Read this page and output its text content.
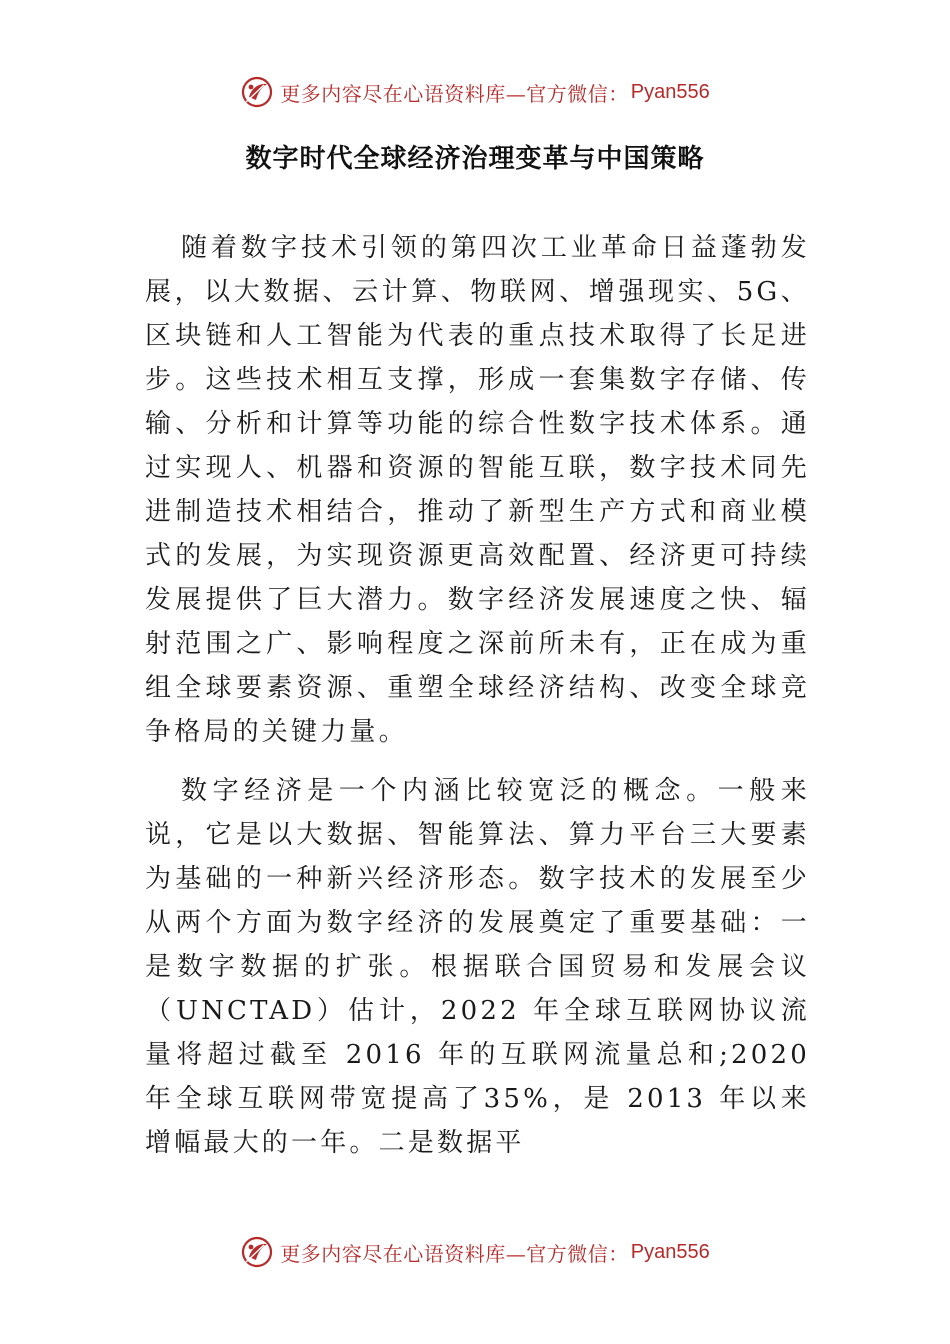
更多内容尽在心语资料库—官方微信： Pyan556
数字时代全球经济治理变革与中国策略

随着数字技术引领的第四次工业革命日益蓬勃发展，以大数据、云计算、物联网、增强现实、5G、区块链和人工智能为代表的重点技术取得了长足进步。这些技术相互支撑，形成一套集数字存储、传输、分析和计算等功能的综合性数字技术体系。通过实现人、机器和资源的智能互联，数字技术同先进制造技术相结合，推动了新型生产方式和商业模式的发展，为实现资源更高效配置、经济更可持续发展提供了巨大潜力。数字经济发展速度之快、辐射范围之广、影响程度之深前所未有，正在成为重组全球要素资源、重塑全球经济结构、改变全球竞争格局的关键力量。

数字经济是一个内涵比较宽泛的概念。一般来说，它是以大数据、智能算法、算力平台三大要素为基础的一种新兴经济形态。数字技术的发展至少从两个方面为数字经济的发展奠定了重要基础：一是数字数据的扩张。根据联合国贸易和发展会议（UNCTAD）估计，2022 年全球互联网协议流量将超过截至 2016 年的互联网流量总和;2020 年全球互联网带宽提高了35%，是 2013 年以来增幅最大的一年。二是数据平

更多内容尽在心语资料库—官方微信： Pyan556
